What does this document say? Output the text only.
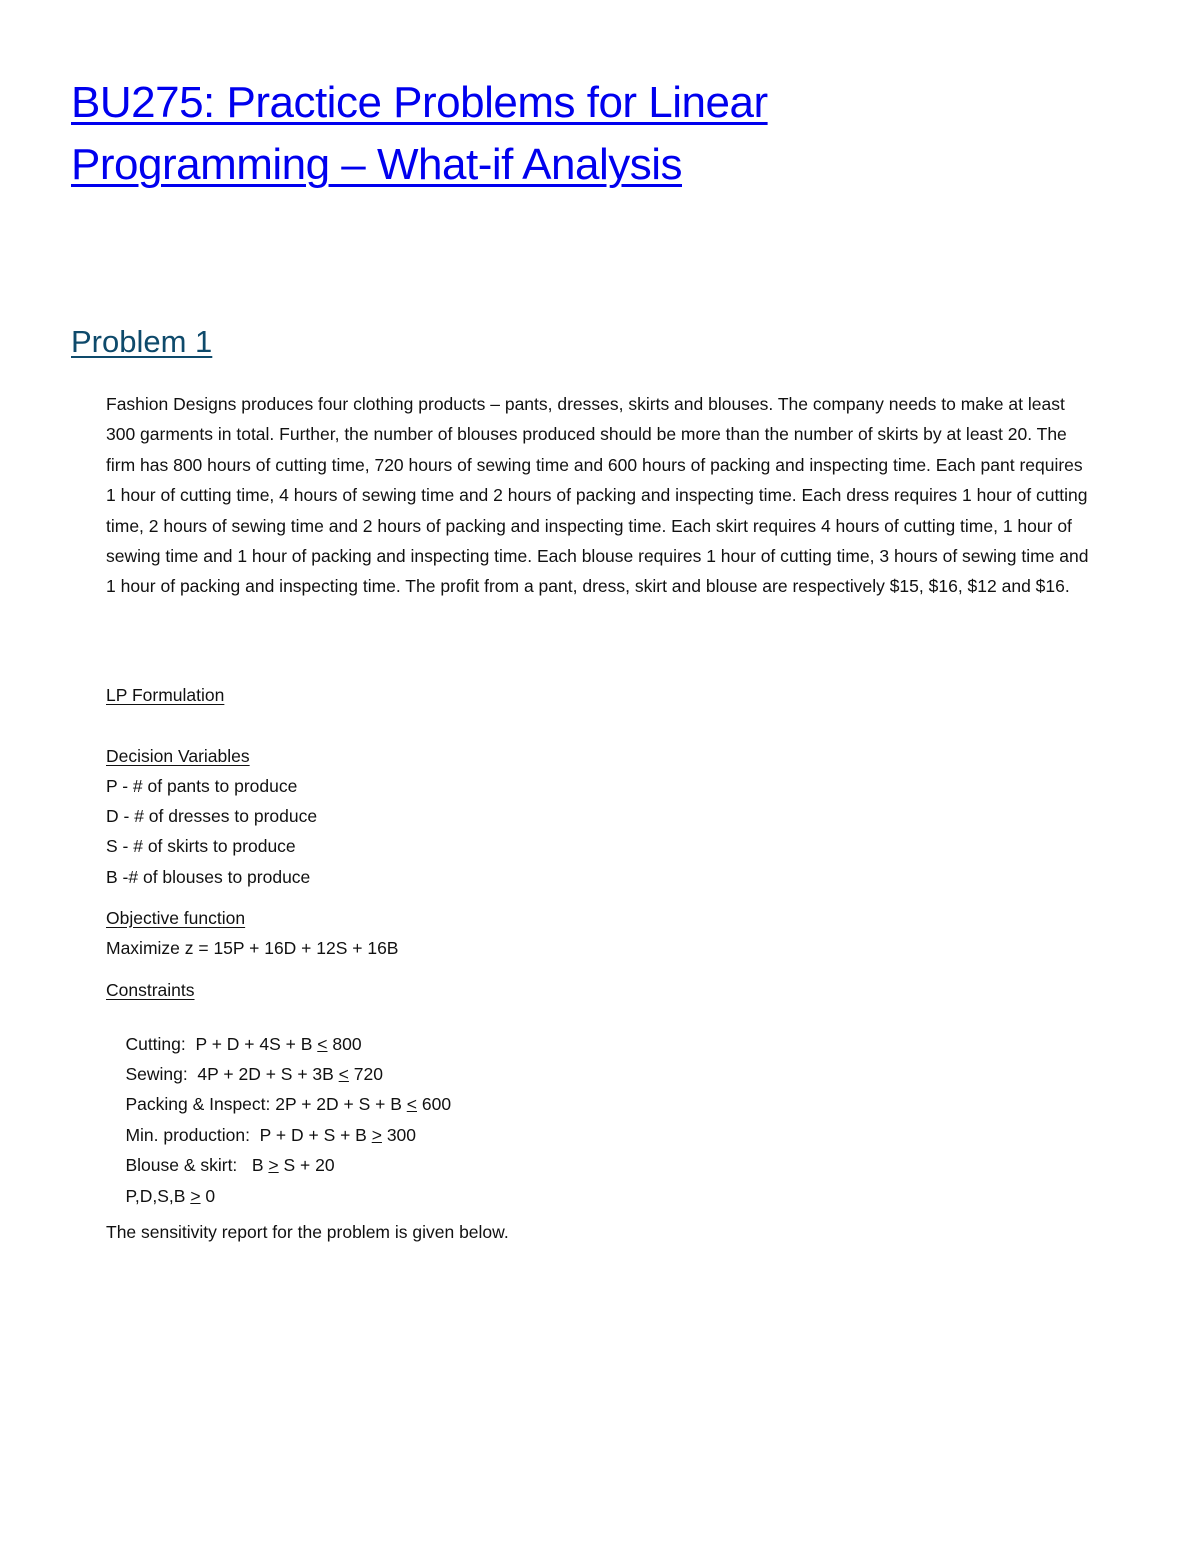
BU275: Practice Problems for Linear Programming – What-if Analysis
Problem 1

Fashion Designs produces four clothing products – pants, dresses, skirts and blouses. The company needs to make at least 300 garments in total. Further, the number of blouses produced should be more than the number of skirts by at least 20. The firm has 800 hours of cutting time, 720 hours of sewing time and 600 hours of packing and inspecting time. Each pant requires 1 hour of cutting time, 4 hours of sewing time and 2 hours of packing and inspecting time. Each dress requires 1 hour of cutting time, 2 hours of sewing time and 2 hours of packing and inspecting time. Each skirt requires 4 hours of cutting time, 1 hour of sewing time and 1 hour of packing and inspecting time. Each blouse requires 1 hour of cutting time, 3 hours of sewing time and 1 hour of packing and inspecting time. The profit from a pant, dress, skirt and blouse are respectively $15, $16, $12 and $16.

LP Formulation
Decision Variables
P - # of pants to produce
D - # of dresses to produce
S - # of skirts to produce
B -# of blouses to produce
Objective function
Maximize z = 15P + 16D + 12S + 16B
Constraints

Cutting:  P + D + 4S + B < 800

Sewing:  4P + 2D + S + 3B < 720

Packing & Inspect: 2P + 2D + S + B < 600

Min. production:  P + D + S + B > 300

Blouse & skirt:   B > S + 20

P,D,S,B > 0

The sensitivity report for the problem is given below.
